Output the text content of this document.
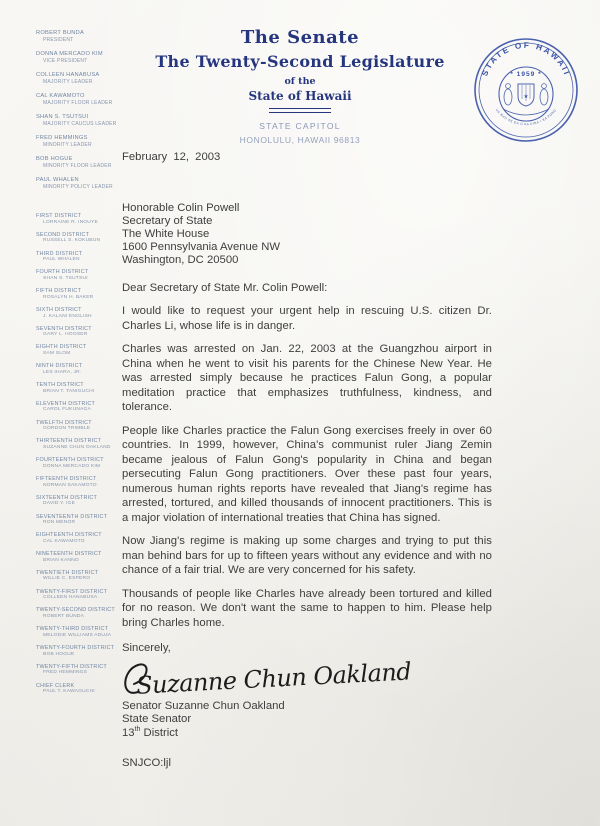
ROBERT BUNDA
PRESIDENT
DONNA MERCADO KIM
VICE PRESIDENT
COLLEEN HANABUSA
MAJORITY LEADER
CAL KAWAMOTO
MAJORITY FLOOR LEADER
SHAN S. TSUTSUI
MAJORITY CAUCUS LEADER
FRED HEMMINGS
MINORITY LEADER
BOB HOGUE
MINORITY FLOOR LEADER
PAUL WHALEN
MINORITY POLICY LEADER
FIRST DISTRICT
LORRAINE R. INOUYE
SECOND DISTRICT
RUSSELL S. KOKUBUN
THIRD DISTRICT
PAUL WHALEN
FOURTH DISTRICT
SHAN S. TSUTSUI
FIFTH DISTRICT
ROSALYN H. BAKER
SIXTH DISTRICT
J. KALANI ENGLISH
SEVENTH DISTRICT
GARY L. HOOSER
EIGHTH DISTRICT
SAM SLOM
NINTH DISTRICT
LES IHARA, JR.
TENTH DISTRICT
BRIAN T. TANIGUCHI
ELEVENTH DISTRICT
CAROL FUKUNAGA
TWELFTH DISTRICT
GORDON TRIMBLE
THIRTEENTH DISTRICT
SUZANNE CHUN OAKLAND
FOURTEENTH DISTRICT
DONNA MERCADO KIM
FIFTEENTH DISTRICT
NORMAN SAKAMOTO
SIXTEENTH DISTRICT
DAVID Y. IGE
SEVENTEENTH DISTRICT
RON MENOR
EIGHTEENTH DISTRICT
CAL KAWAMOTO
NINETEENTH DISTRICT
BRIAN KANNO
TWENTIETH DISTRICT
WILLIE C. ESPERO
TWENTY-FIRST DISTRICT
COLLEEN HANABUSA
TWENTY-SECOND DISTRICT
ROBERT BUNDA
TWENTY-THIRD DISTRICT
MELODIE WILLIAMS ADUJA
TWENTY-FOURTH DISTRICT
BOB HOGUE
TWENTY-FIFTH DISTRICT
FRED HEMMINGS
CHIEF CLERK
PAUL T. KAWAGUCHI
The Senate
The Twenty-Second Legislature
of the
State of Hawaii
STATE CAPITOL
HONOLULU, HAWAII 96813
STATE OF HAWAII
* 1959 *
UA MAU KE EA O KA AINA I KA PONO
★

February 12, 2003

Honorable Colin Powell

Secretary of State

The White House

1600 Pennsylvania Avenue NW

Washington, DC 20500

Dear Secretary of State Mr. Colin Powell:

I would like to request your urgent help in rescuing U.S. citizen Dr. Charles Li, whose life is in danger.

Charles was arrested on Jan. 22, 2003 at the Guangzhou airport in China when he went to visit his parents for the Chinese New Year. He was arrested simply because he practices Falun Gong, a popular meditation practice that emphasizes truthfulness, kindness, and tolerance.

People like Charles practice the Falun Gong exercises freely in over 60 countries. In 1999, however, China's communist ruler Jiang Zemin became jealous of Falun Gong's popularity in China and began persecuting Falun Gong practitioners. Over these past four years, numerous human rights reports have revealed that Jiang's regime has arrested, tortured, and killed thousands of innocent practitioners. This is a major violation of international treaties that China has signed.

Now Jiang's regime is making up some charges and trying to put this man behind bars for up to fifteen years without any evidence and with no chance of a fair trial. We are very concerned for his safety.

Thousands of people like Charles have already been tortured and killed for no reason. We don't want the same to happen to him. Please help bring Charles home.

Sincerely,

Suzanne Chun Oakland
Senator Suzanne Chun Oakland
State Senator
13th District

SNJCO:ljl
